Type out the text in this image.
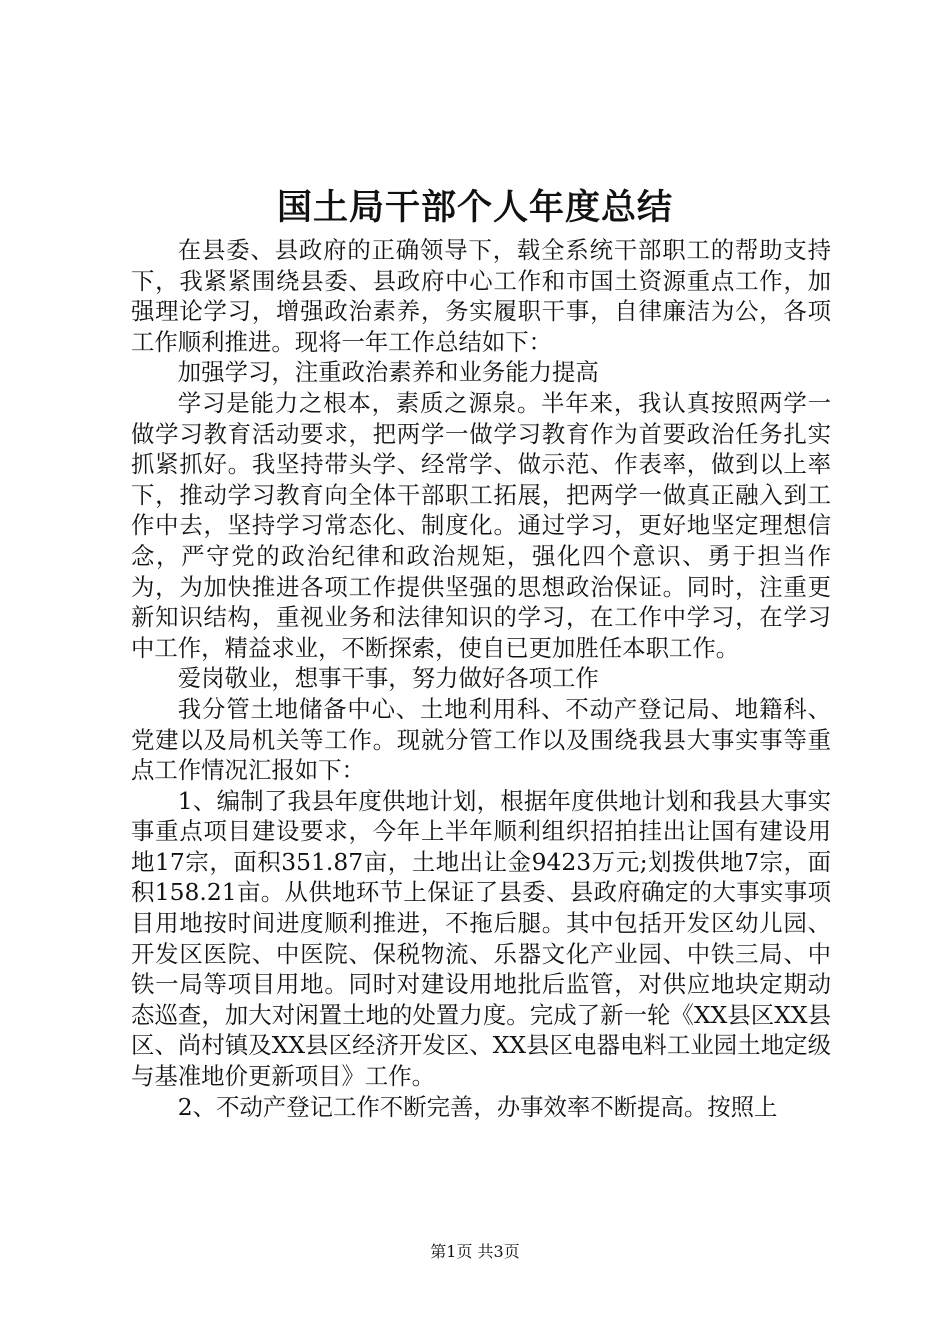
国土局干部个人年度总结

在县委、县政府的正确领导下，载全系统干部职工的帮助支持下，我紧紧围绕县委、县政府中心工作和市国土资源重点工作，加强理论学习，增强政治素养，务实履职干事，自律廉洁为公，各项工作顺利推进。现将一年工作总结如下：

加强学习，注重政治素养和业务能力提高

学习是能力之根本，素质之源泉。半年来，我认真按照两学一做学习教育活动要求，把两学一做学习教育作为首要政治任务扎实抓紧抓好。我坚持带头学、经常学、做示范、作表率，做到以上率下，推动学习教育向全体干部职工拓展，把两学一做真正融入到工作中去，坚持学习常态化、制度化。通过学习，更好地坚定理想信念，严守党的政治纪律和政治规矩，强化四个意识、勇于担当作为，为加快推进各项工作提供坚强的思想政治保证。同时，注重更新知识结构，重视业务和法律知识的学习，在工作中学习，在学习中工作，精益求业，不断探索，使自已更加胜任本职工作。

爱岗敬业，想事干事，努力做好各项工作

我分管土地储备中心、土地利用科、不动产登记局、地籍科、党建以及局机关等工作。现就分管工作以及围绕我县大事实事等重点工作情况汇报如下：

1、编制了我县年度供地计划，根据年度供地计划和我县大事实事重点项目建设要求，今年上半年顺利组织招拍挂出让国有建设用地17宗，面积351.87亩，土地出让金9423万元;划拨供地7宗，面积158.21亩。从供地环节上保证了县委、县政府确定的大事实事项目用地按时间进度顺利推进，不拖后腿。其中包括开发区幼儿园、开发区医院、中医院、保税物流、乐器文化产业园、中铁三局、中铁一局等项目用地。同时对建设用地批后监管，对供应地块定期动态巡查，加大对闲置土地的处置力度。完成了新一轮《XX县区XX县区、尚村镇及XX县区经济开发区、XX县区电器电料工业园土地定级与基准地价更新项目》工作。

2、不动产登记工作不断完善，办事效率不断提高。按照上

第1页 共3页
